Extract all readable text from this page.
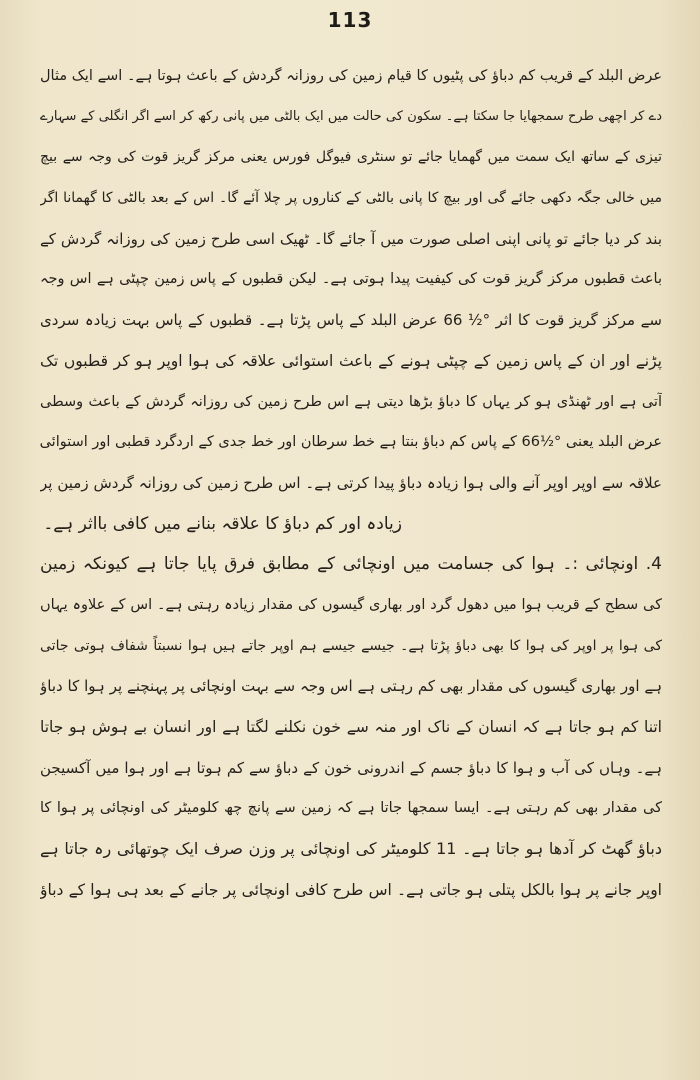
113
عرض البلد کے قریب کم دباؤ کی پٹیوں کا قیام زمین کی روزانہ گردش کے باعث ہوتا ہے۔ اسے ایک مثال
دے کر اچھی طرح سمجھایا جا سکتا ہے۔ سکون کی حالت میں ایک بالٹی میں پانی رکھ کر اسے اگر انگلی کے سہارے
تیزی کے ساتھ ایک سمت میں گھمایا جائے تو سنٹری فیوگل فورس یعنی مرکز گریز قوت کی وجہ سے بیچ
میں خالی جگہ دکھی جائے گی اور بیچ کا پانی بالٹی کے کناروں پر چلا آئے گا۔ اس کے بعد بالٹی کا گھمانا اگر
بند کر دیا جائے تو پانی اپنی اصلی صورت میں آ جائے گا۔ ٹھیک اسی طرح زمین کی روزانہ گردش کے
باعث قطبوں مرکز گریز قوت کی کیفیت پیدا ہوتی ہے۔ لیکن قطبوں کے پاس زمین چپٹی ہے اس وجہ
سے مرکز گریز قوت کا اثر °½ 66 عرض البلد کے پاس پڑتا ہے۔ قطبوں کے پاس بہت زیادہ سردی
پڑنے اور ان کے پاس زمین کے چپٹی ہونے کے باعث استوائی علاقہ کی ہوا اوپر ہو کر قطبوں تک
آتی ہے اور ٹھنڈی ہو کر یہاں کا دباؤ بڑھا دیتی ہے اس طرح زمین کی روزانہ گردش کے باعث وسطی
عرض البلد یعنی °½66 کے پاس کم دباؤ بنتا ہے خط سرطان اور خط جدی کے اردگرد قطبی اور استوائی
علاقہ سے اوپر اوپر آنے والی ہوا زیادہ دباؤ پیدا کرتی ہے۔ اس طرح زمین کی روزانہ گردش زمین پر
زیادہ اور کم دباؤ کا علاقہ بنانے میں کافی بااثر ہے۔
4. اونچائی :۔ ہوا کی جسامت میں اونچائی کے مطابق فرق پایا جاتا ہے کیونکہ زمین
کی سطح کے قریب ہوا میں دھول گرد اور بھاری گیسوں کی مقدار زیادہ رہتی ہے۔ اس کے علاوہ یہاں
کی ہوا پر اوپر کی ہوا کا بھی دباؤ پڑتا ہے۔ جیسے جیسے ہم اوپر جاتے ہیں ہوا نسبتاً شفاف ہوتی جاتی
ہے اور بھاری گیسوں کی مقدار بھی کم رہتی ہے اس وجہ سے بہت اونچائی پر پہنچنے پر ہوا کا دباؤ
اتنا کم ہو جاتا ہے کہ انسان کے ناک اور منہ سے خون نکلنے لگتا ہے اور انسان بے ہوش ہو جاتا
ہے۔ وہاں کی آب و ہوا کا دباؤ جسم کے اندرونی خون کے دباؤ سے کم ہوتا ہے اور ہوا میں آکسیجن
کی مقدار بھی کم رہتی ہے۔ ایسا سمجھا جاتا ہے کہ زمین سے پانچ چھ کلومیٹر کی اونچائی پر ہوا کا
دباؤ گھٹ کر آدھا ہو جاتا ہے۔ 11 کلومیٹر کی اونچائی پر وزن صرف ایک چوتھائی رہ جاتا ہے
اوپر جانے پر ہوا بالکل پتلی ہو جاتی ہے۔ اس طرح کافی اونچائی پر جانے کے بعد ہی ہوا کے دباؤ
